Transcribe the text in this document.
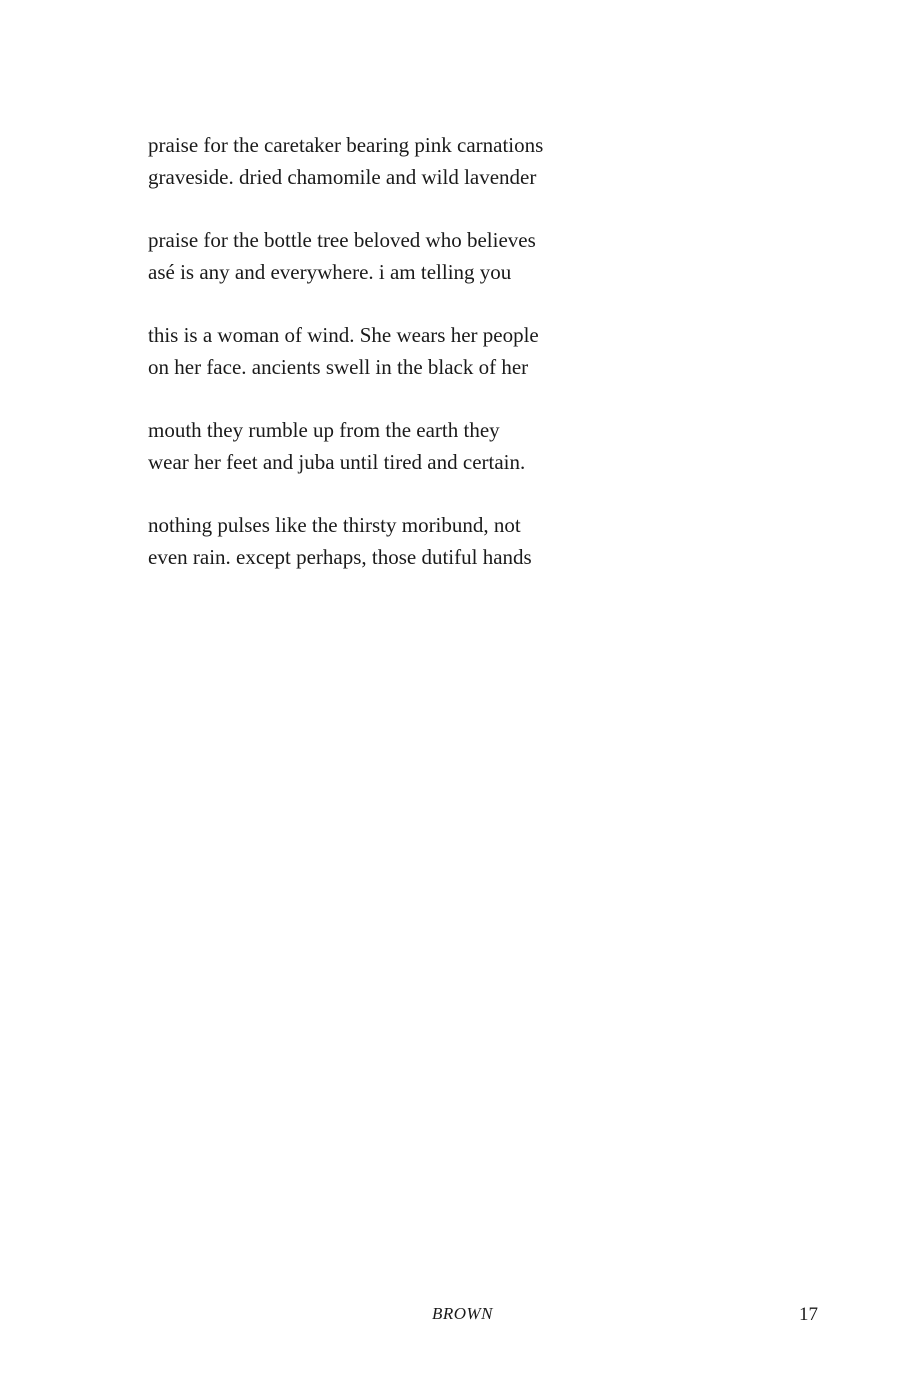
praise for the caretaker bearing pink carnations
graveside. dried chamomile and wild lavender
praise for the bottle tree beloved who believes
asé is any and everywhere. i am telling you
this is a woman of wind. She wears her people
on her face. ancients swell in the black of her
mouth they rumble up from the earth they
wear her feet and juba until tired and certain.
nothing pulses like the thirsty moribund, not
even rain. except perhaps, those dutiful hands
BROWN	17
